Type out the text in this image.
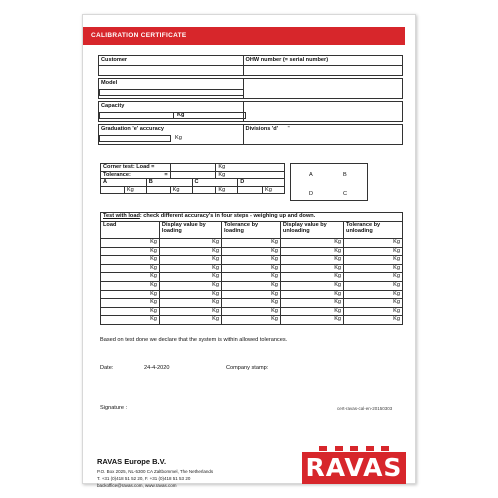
CALIBRATION CERTIFICATE
Customer	OHW number (= serial number)

Model	

Capacity
Kg	

Graduation 'e' accuracy
Kg	Divisions 'd' "
Corner test: Load =					Kg		
Tolerance: =					Kg		
A		B		C		D	
	Kg		Kg		Kg		Kg
A	B
D	C
Test with load: check different accuracy's in four steps - weighing up and down.				
Load	Display value by loading	Tolerance by loading	Display value by unloading	Tolerance by unloading
Kg	Kg	Kg	Kg	Kg
Kg	Kg	Kg	Kg	Kg
Kg	Kg	Kg	Kg	Kg
Kg	Kg	Kg	Kg	Kg
Kg	Kg	Kg	Kg	Kg
Kg	Kg	Kg	Kg	Kg
Kg	Kg	Kg	Kg	Kg
Kg	Kg	Kg	Kg	Kg
Kg	Kg	Kg	Kg	Kg
Kg	Kg	Kg	Kg	Kg
Based on test done we declare that the system is within allowed tolerances.
Date:	24-4-2020	Company stamp:
Signature :	cert-ravas-cal-en-20150303
RAVAS Europe B.V.
P.O. Box 2025, NL-5300 CA Zaltbommel, The Netherlands
T. +31 (0)418 51 52 20, F. +31 (0)418 51 53 20
backoffice@ravas.com, www.ravas.com
RAVAS
